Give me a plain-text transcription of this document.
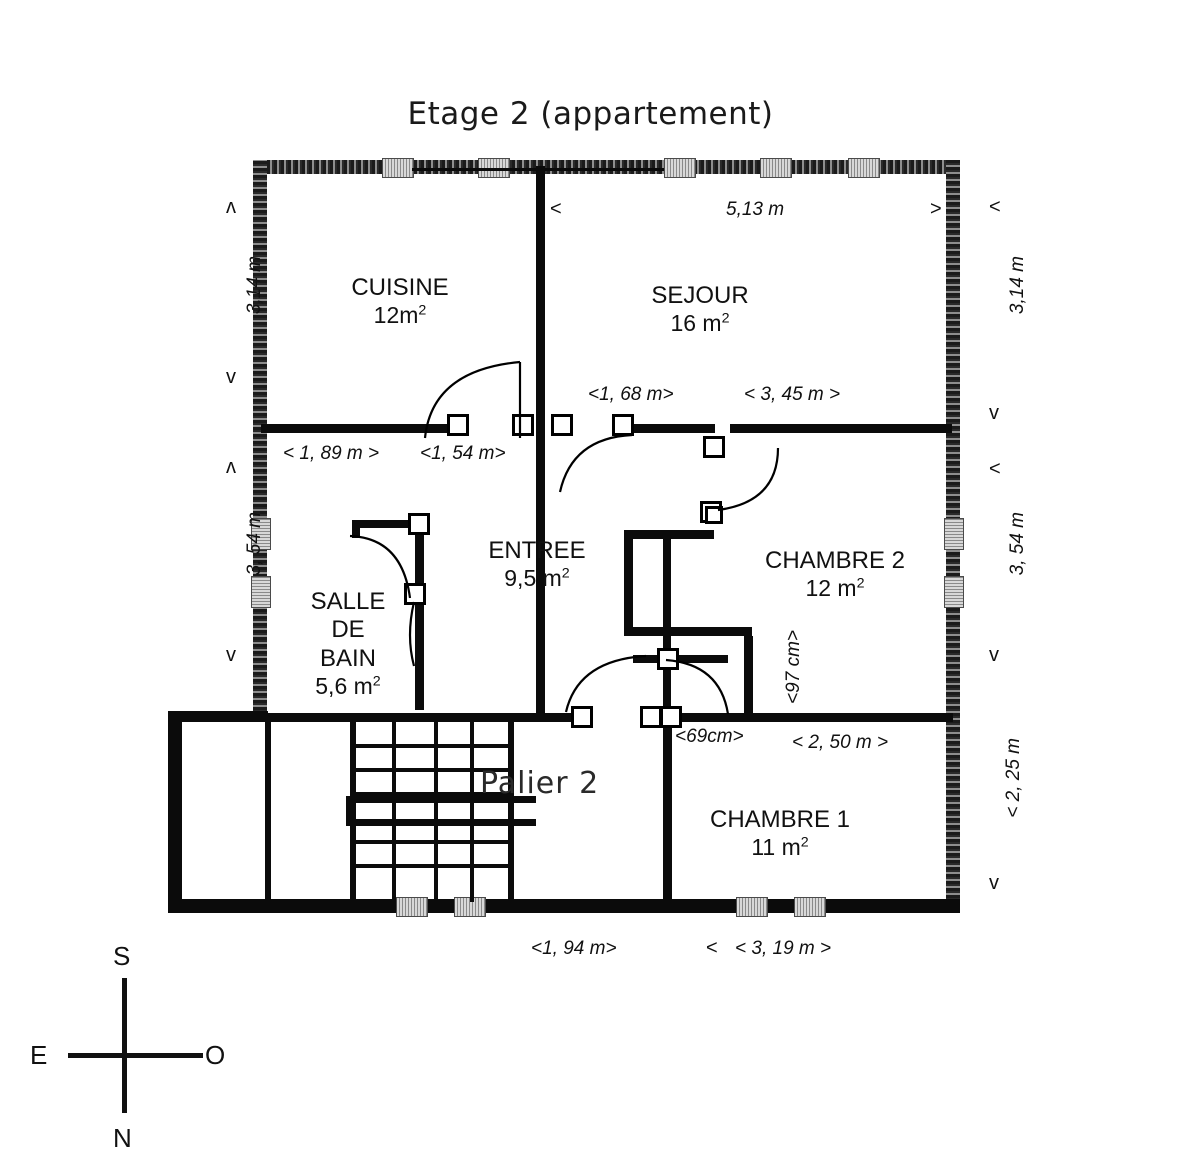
Etage 2 (appartement)
CUISINE
$12m^2$
SEJOUR
16 $m^2$
ENTREE
9,5 $m^2$
SALLE
DE
BAIN
5,6 $m^2$
CHAMBRE 2
12 $m^2$
CHAMBRE 1
11 $m^2$
Palier 2
<	5,13 m	>
ʌ
3,14 m
v
ʌ
3, 54 m
v
<
3,14 m
v
<
3, 54 m
v
< 2, 25 m
v
< 1, 89 m > <1, 54 m>
<1, 68 m>	< 3, 45 m >
<97 cm>
<69cm>	< 2, 50 m >
<1, 94 m>	< < 3, 19 m >
S
N
E	O
